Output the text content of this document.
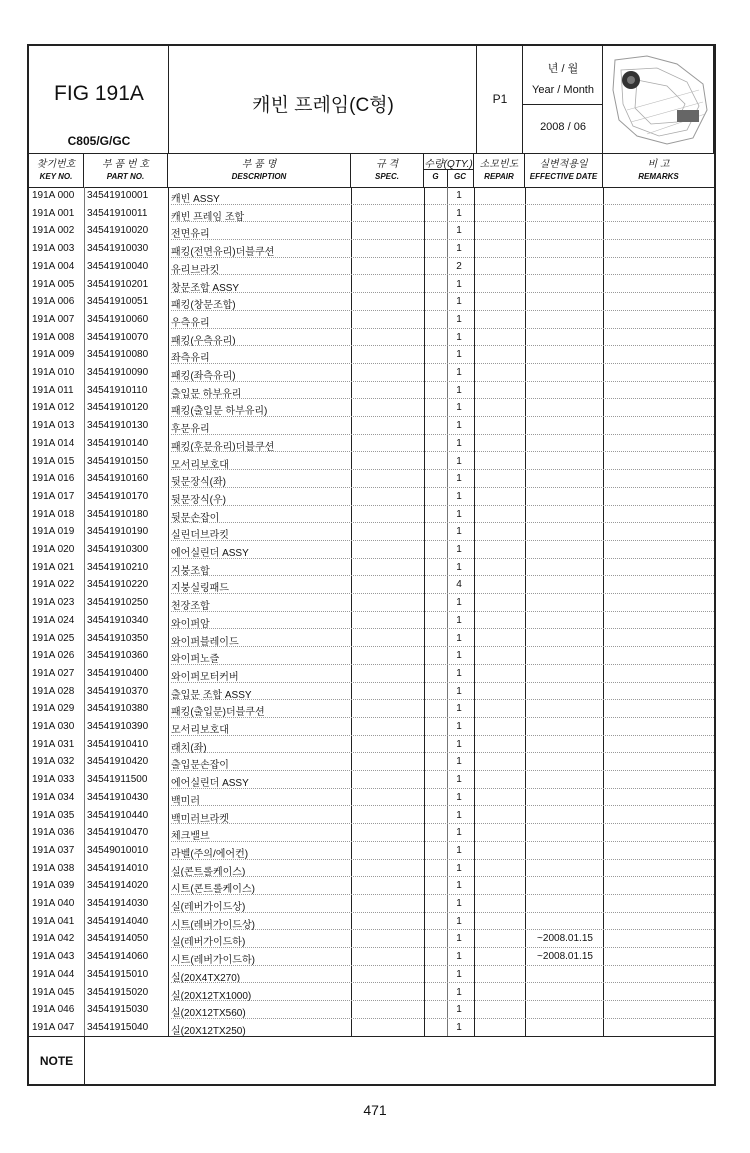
FIG 191A
C805/G/GC
캐빈 프레임(C형)	P1
년 / 월
Year / Month
2008 / 06
찾기번호
KEY NO.
부 품 번 호
PART NO.
부 품 명
DESCRIPTION
규 격
SPEC.
수량(QTY.)
G	GC
소모빈도
REPAIR
실변적용일
EFFECTIVE DATE
비 고
REMARKS
191A 000 34541910001 캐빈 ASSY	1
191A 001 34541910011 캐빈 프레임 조합	1
191A 002 34541910020 전면유리	1
191A 003 34541910030 패킹(전면유리)더블쿠션	1
191A 004 34541910040 유리브라킷	2
191A 005 34541910201 창문조합 ASSY	1
191A 006 34541910051 패킹(창문조합)	1
191A 007 34541910060 우측유리	1
191A 008 34541910070 패킹(우측유리)	1
191A 009 34541910080 좌측유리	1
191A 010 34541910090 패킹(좌측유리)	1
191A 011 34541910110 출입문 하부유리	1
191A 012 34541910120 패킹(출입문 하부유리)	1
191A 013 34541910130 후문유리	1
191A 014 34541910140 패킹(후문유리)더블쿠션	1
191A 015 34541910150 모서리보호대	1
191A 016 34541910160 뒷문장식(좌)	1
191A 017 34541910170 뒷문장식(우)	1
191A 018 34541910180 뒷문손잡이	1
191A 019 34541910190 실린더브라킷	1
191A 020 34541910300 에어실린더 ASSY	1
191A 021 34541910210 지붕조합	1
191A 022 34541910220 지붕실링패드	4
191A 023 34541910250 천장조합	1
191A 024 34541910340 와이퍼암	1
191A 025 34541910350 와이퍼블레이드	1
191A 026 34541910360 와이퍼노즐	1
191A 027 34541910400 와이퍼모터커버	1
191A 028 34541910370 출입문 조합 ASSY	1
191A 029 34541910380 패킹(출입문)더블쿠션	1
191A 030 34541910390 모서리보호대	1
191A 031 34541910410 래치(좌)	1
191A 032 34541910420 출입문손잡이	1
191A 033 34541911500 에어실린더 ASSY	1
191A 034 34541910430 백미러	1
191A 035 34541910440 백미러브라켓	1
191A 036 34541910470 체크밸브	1
191A 037 34549010010 라벨(주의/에어컨)	1
191A 038 34541914010 실(콘트롤케이스)	1
191A 039 34541914020 시트(콘트롤케이스)	1
191A 040 34541914030 실(레버가이드상)	1
191A 041 34541914040 시트(레버가이드상)	1
191A 042 34541914050 실(레버가이드하)	1	~2008.01.15
191A 043 34541914060 시트(레버가이드하)	1	~2008.01.15
191A 044 34541915010 실(20X4TX270)	1
191A 045 34541915020 실(20X12TX1000)	1
191A 046 34541915030 실(20X12TX560)	1
191A 047 34541915040 실(20X12TX250)	1
NOTE
471
